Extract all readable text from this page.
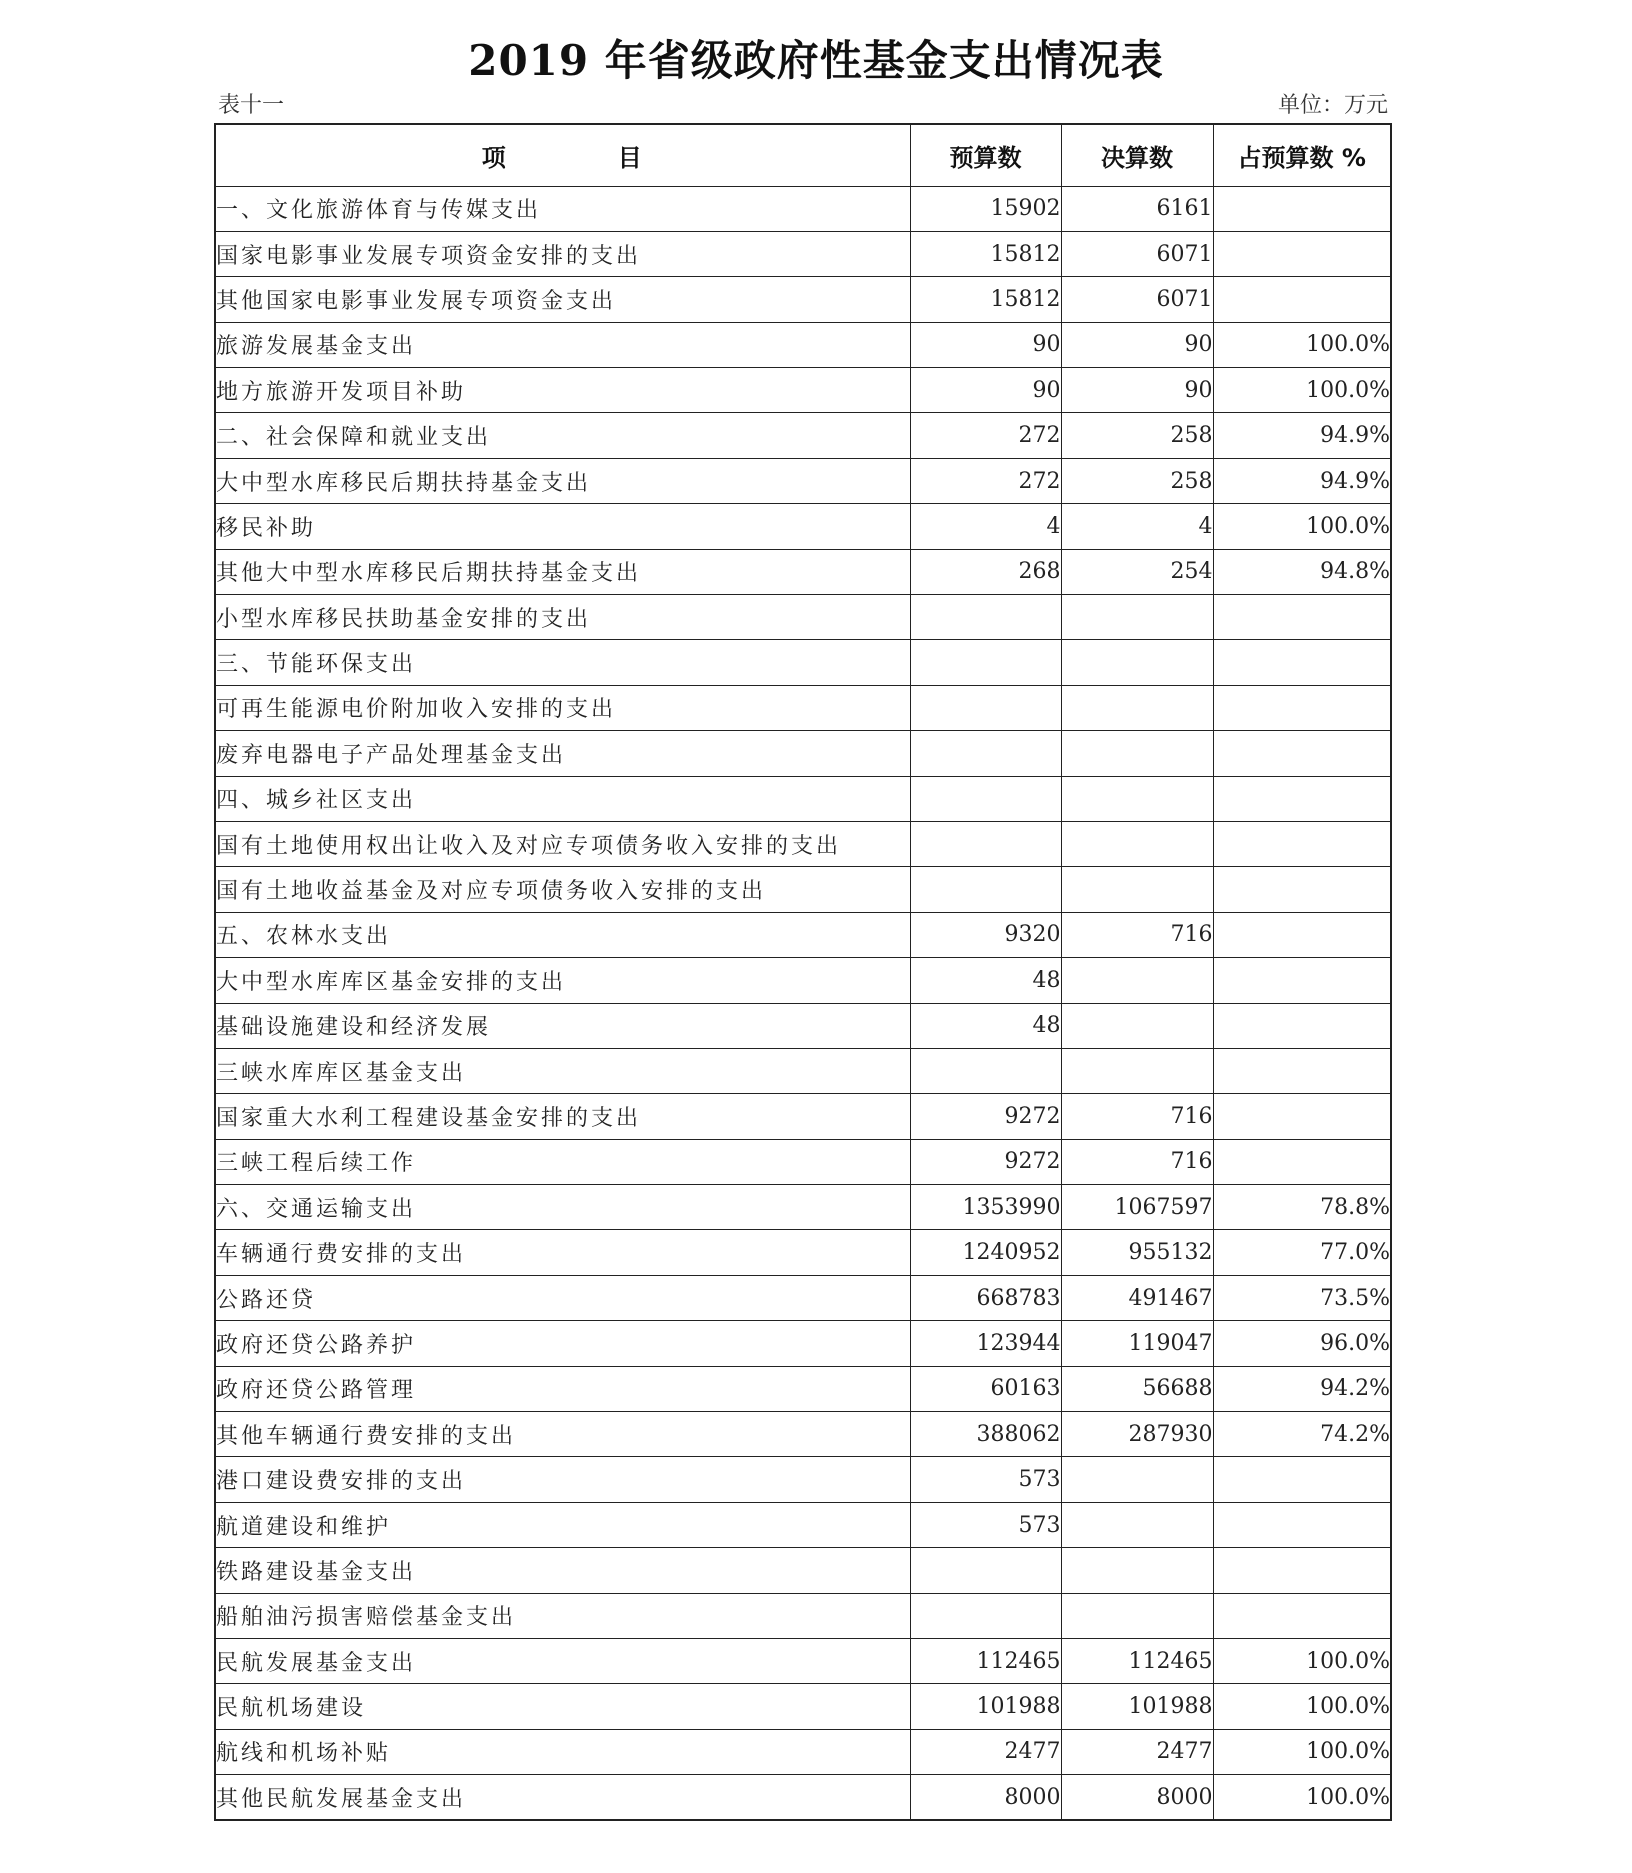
2019 年省级政府性基金支出情况表
表十一	单位：万元
项 目	预算数	决算数	占预算数 %
一、文化旅游体育与传媒支出	15902	6161	
国家电影事业发展专项资金安排的支出	15812	6071	
其他国家电影事业发展专项资金支出	15812	6071	
旅游发展基金支出	90	90	100.0%
地方旅游开发项目补助	90	90	100.0%
二、社会保障和就业支出	272	258	94.9%
大中型水库移民后期扶持基金支出	272	258	94.9%
移民补助	4	4	100.0%
其他大中型水库移民后期扶持基金支出	268	254	94.8%
小型水库移民扶助基金安排的支出			
三、节能环保支出			
可再生能源电价附加收入安排的支出			
废弃电器电子产品处理基金支出			
四、城乡社区支出			
国有土地使用权出让收入及对应专项债务收入安排的支出			
国有土地收益基金及对应专项债务收入安排的支出			
五、农林水支出	9320	716	
大中型水库库区基金安排的支出	48		
基础设施建设和经济发展	48		
三峡水库库区基金支出			
国家重大水利工程建设基金安排的支出	9272	716	
三峡工程后续工作	9272	716	
六、交通运输支出	1353990	1067597	78.8%
车辆通行费安排的支出	1240952	955132	77.0%
公路还贷	668783	491467	73.5%
政府还贷公路养护	123944	119047	96.0%
政府还贷公路管理	60163	56688	94.2%
其他车辆通行费安排的支出	388062	287930	74.2%
港口建设费安排的支出	573		
航道建设和维护	573		
铁路建设基金支出			
船舶油污损害赔偿基金支出			
民航发展基金支出	112465	112465	100.0%
民航机场建设	101988	101988	100.0%
航线和机场补贴	2477	2477	100.0%
其他民航发展基金支出	8000	8000	100.0%
